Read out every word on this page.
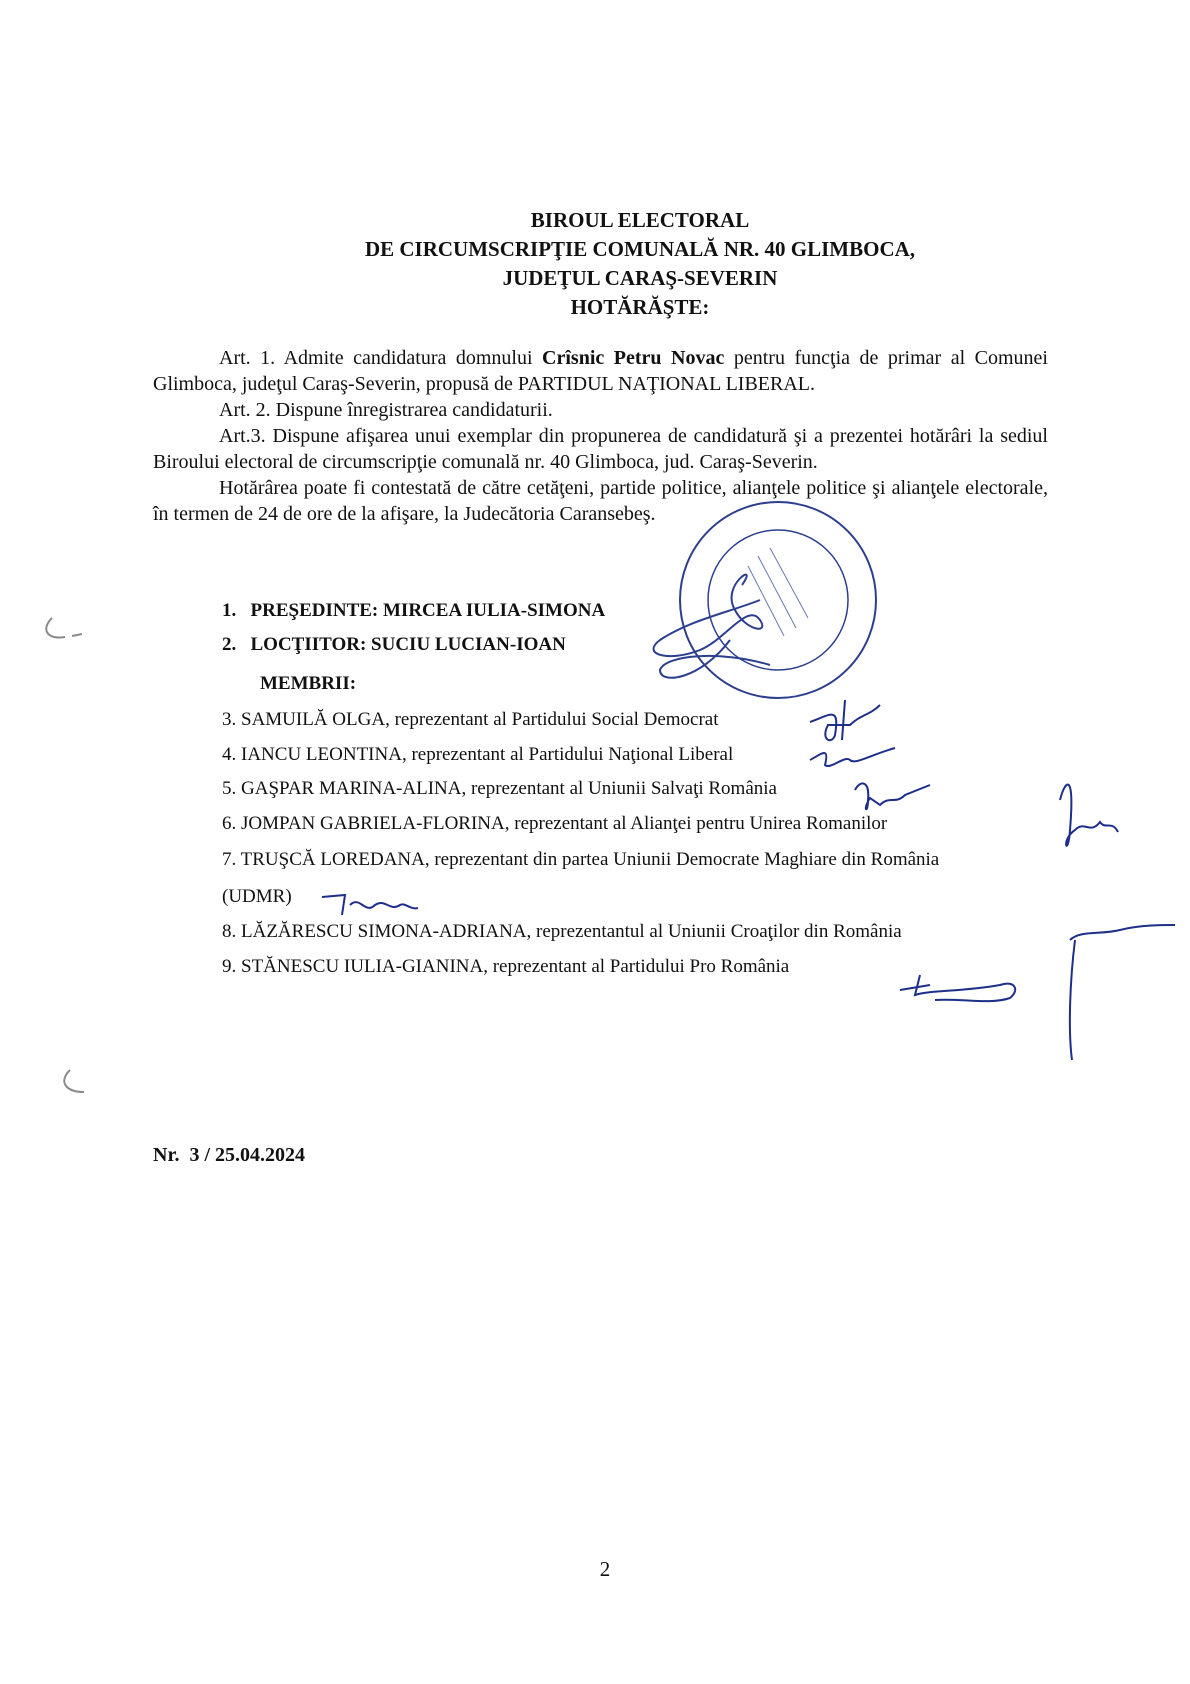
BIROUL ELECTORAL
DE CIRCUMSCRIPŢIE COMUNALĂ NR. 40 GLIMBOCA,
JUDEŢUL CARAŞ-SEVERIN
HOTĂRĂŞTE:

Art. 1. Admite candidatura domnului Crîsnic Petru Novac pentru funcţia de primar al Comunei Glimboca, judeţul Caraş-Severin, propusă de PARTIDUL NAŢIONAL LIBERAL.

Art. 2. Dispune înregistrarea candidaturii.

Art.3. Dispune afişarea unui exemplar din propunerea de candidatură şi a prezentei hotărâri la sediul Biroului electoral de circumscripţie comunală nr. 40 Glimboca, jud. Caraş-Severin.

Hotărârea poate fi contestată de către cetăţeni, partide politice, alianţele politice şi alianţele electorale, în termen de 24 de ore de la afişare, la Judecătoria Caransebeş.

1. PREŞEDINTE: MIRCEA IULIA-SIMONA
2. LOCŢIITOR: SUCIU LUCIAN-IOAN
MEMBRII:
3. SAMUILĂ OLGA, reprezentant al Partidului Social Democrat
4. IANCU LEONTINA, reprezentant al Partidului Naţional Liberal
5. GAŞPAR MARINA-ALINA, reprezentant al Uniunii Salvaţi România
6. JOMPAN GABRIELA-FLORINA, reprezentant al Alianţei pentru Unirea Romanilor
7. TRUŞCĂ LOREDANA, reprezentant din partea Uniunii Democrate Maghiare din România
(UDMR)
8. LĂZĂRESCU SIMONA-ADRIANA, reprezentantul al Uniunii Croaţilor din România
9. STĂNESCU IULIA-GIANINA, reprezentant al Partidului Pro România
Nr. 3 / 25.04.2024
2
